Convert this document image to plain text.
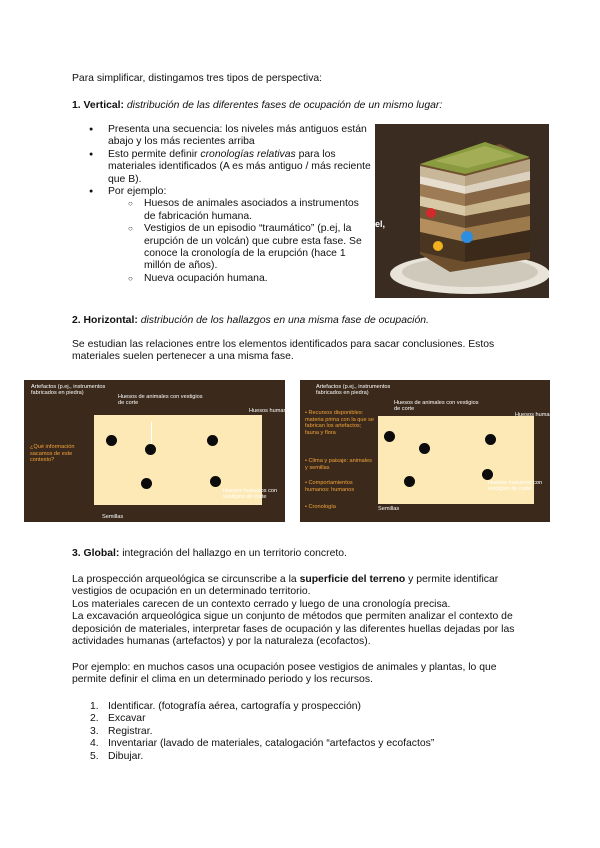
Para simplificar, distingamos tres tipos de perspectiva:

1. Vertical: distribución de las diferentes fases de ocupación de un mismo lugar:

● Presenta una secuencia: los niveles más antiguos están abajo y los más recientes arriba
● Esto permite definir cronologías relativas para los materiales identificados (A es más antiguo / más reciente que B).
● Por ejemplo:
○ Huesos de animales asociados a instrumentos de fabricación humana.
○ Vestigios de un episodio “traumático” (p.ej, la erupción de un volcán) que cubre esta fase. Se conoce la cronología de la erupción (hace 1 millón de años).
○ Nueva ocupación humana.
el,

2. Horizontal: distribución de los hallazgos en una misma fase de ocupación.

Se estudian las relaciones entre los elementos identificados para sacar conclusiones. Estos materiales suelen pertenecer a una misma fase.

Artefactos (p.ej., instrumentos fabricados en piedra)
Huesos de animales con vestigios de corte
Huesos humanos
¿Qué información sacamos de este contexto?
Huesos humanos con vestigios de corte
Semillas
Artefactos (p.ej., instrumentos fabricados en piedra)
Huesos de animales con vestigios de corte
Huesos humanos
• Recursos disponibles: materia prima con la que se fabrican los artefactos; fauna y flora
• Clima y paisaje: animales y semillas
• Comportamientos humanos: humanos
• Cronología
Huesos humanos con vestigios de corte
Semillas

3. Global: integración del hallazgo en un territorio concreto.

La prospección arqueológica se circunscribe a la superficie del terreno y permite identificar vestigios de ocupación en un determinado territorio.

Los materiales carecen de un contexto cerrado y luego de una cronología precisa.

La excavación arqueológica sigue un conjunto de métodos que permiten analizar el contexto de deposición de materiales, interpretar fases de ocupación y las diferentes huellas dejadas por las actividades humanas (artefactos) y por la naturaleza (ecofactos).

Por ejemplo: en muchos casos una ocupación posee vestigios de animales y plantas, lo que permite definir el clima en un determinado periodo y los recursos.

1. Identificar. (fotografía aérea, cartografía y prospección)
2. Excavar
3. Registrar.
4. Inventariar (lavado de materiales, catalogación “artefactos y ecofactos”
5. Dibujar.
